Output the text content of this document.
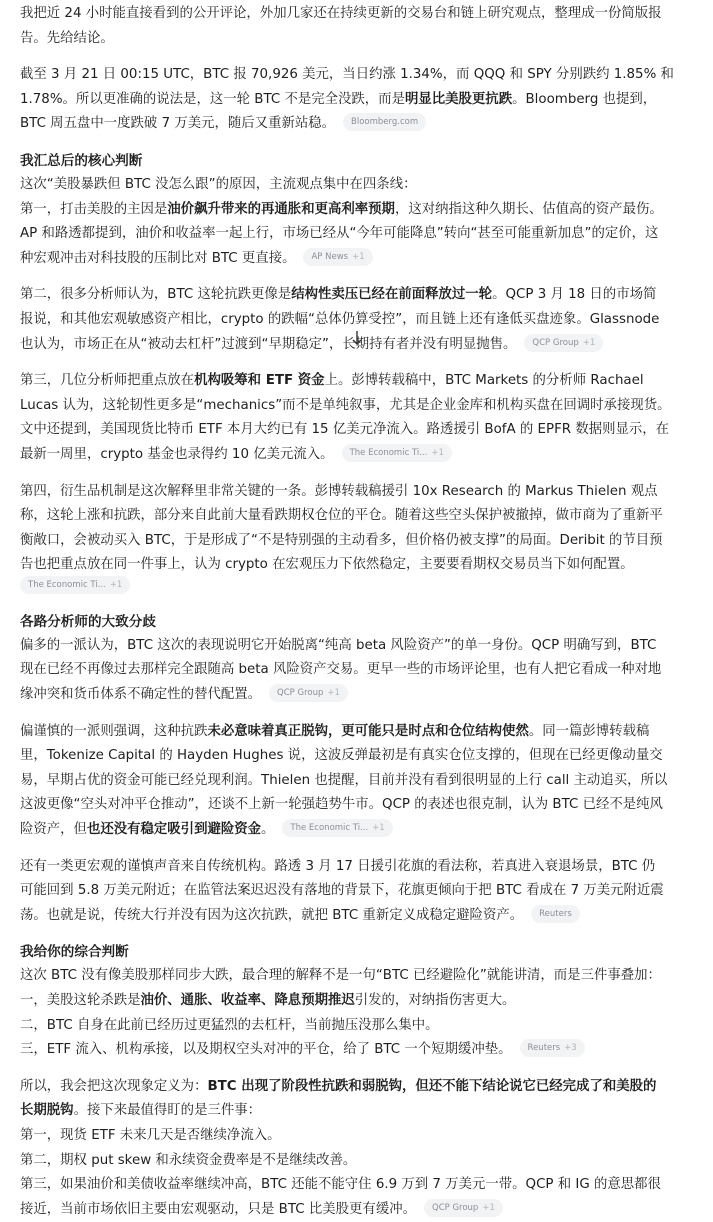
我把近 24 小时能直接看到的公开评论，外加几家还在持续更新的交易台和链上研究观点，整理成一份简版报
告。先给结论。

截至 3 月 21 日 00:15 UTC，BTC 报 70,926 美元，当日约涨 1.34%，而 QQQ 和 SPY 分别跌约 1.85% 和
1.78%。所以更准确的说法是，这一轮 BTC 不是完全没跌，而是明显比美股更抗跌。Bloomberg 也提到，
BTC 周五盘中一度跌破 7 万美元，随后又重新站稳。 Bloomberg.com

我汇总后的核心判断

这次“美股暴跌但 BTC 没怎么跟”的原因，主流观点集中在四条线：
第一，打击美股的主因是油价飙升带来的再通胀和更高利率预期，这对纳指这种久期长、估值高的资产最伤。
AP 和路透都提到，油价和收益率一起上行，市场已经从“今年可能降息”转向“甚至可能重新加息”的定价，这
种宏观冲击对科技股的压制比对 BTC 更直接。 AP News +1

第二，很多分析师认为，BTC 这轮抗跌更像是结构性卖压已经在前面释放过一轮。QCP 3 月 18 日的市场简
报说，和其他宏观敏感资产相比，crypto 的跌幅“总体仍算受控”，而且链上还有逢低买盘迹象。Glassnode
也认为，市场正在从“被动去杠杆”过渡到“早期稳定”，长期持有者并没有明显抛售。 QCP Group +1

第三，几位分析师把重点放在机构吸筹和 ETF 资金上。彭博转载稿中，BTC Markets 的分析师 Rachael
Lucas 认为，这轮韧性更多是“mechanics”而不是单纯叙事，尤其是企业金库和机构买盘在回调时承接现货。
文中还提到，美国现货比特币 ETF 本月大约已有 15 亿美元净流入。路透援引 BofA 的 EPFR 数据则显示，在
最新一周里，crypto 基金也录得约 10 亿美元流入。 The Economic Ti... +1

第四，衍生品机制是这次解释里非常关键的一条。彭博转载稿援引 10x Research 的 Markus Thielen 观点
称，这轮上涨和抗跌，部分来自此前大量看跌期权仓位的平仓。随着这些空头保护被撤掉，做市商为了重新平
衡敞口，会被动买入 BTC，于是形成了“不是特别强的主动看多，但价格仍被支撑”的局面。Deribit 的节目预
告也把重点放在同一件事上，认为 crypto 在宏观压力下依然稳定，主要要看期权交易员当下如何配置。
The Economic Ti... +1

各路分析师的大致分歧

偏多的一派认为，BTC 这次的表现说明它开始脱离“纯高 beta 风险资产”的单一身份。QCP 明确写到，BTC
现在已经不再像过去那样完全跟随高 beta 风险资产交易。更早一些的市场评论里，也有人把它看成一种对地
缘冲突和货币体系不确定性的替代配置。 QCP Group +1

偏谨慎的一派则强调，这种抗跌未必意味着真正脱钩，更可能只是时点和仓位结构使然。同一篇彭博转载稿
里，Tokenize Capital 的 Hayden Hughes 说，这波反弹最初是有真实仓位支撑的，但现在已经更像动量交
易，早期占优的资金可能已经兑现利润。Thielen 也提醒，目前并没有看到很明显的上行 call 主动追买，所以
这波更像“空头对冲平仓推动”，还谈不上新一轮强趋势牛市。QCP 的表述也很克制，认为 BTC 已经不是纯风
险资产，但也还没有稳定吸引到避险资金。 The Economic Ti... +1

还有一类更宏观的谨慎声音来自传统机构。路透 3 月 17 日援引花旗的看法称，若真进入衰退场景，BTC 仍
可能回到 5.8 万美元附近；在监管法案迟迟没有落地的背景下，花旗更倾向于把 BTC 看成在 7 万美元附近震
荡。也就是说，传统大行并没有因为这次抗跌，就把 BTC 重新定义成稳定避险资产。 Reuters

我给你的综合判断

这次 BTC 没有像美股那样同步大跌，最合理的解释不是一句“BTC 已经避险化”就能讲清，而是三件事叠加：
一，美股这轮杀跌是油价、通胀、收益率、降息预期推迟引发的，对纳指伤害更大。
二，BTC 自身在此前已经历过更猛烈的去杠杆，当前抛压没那么集中。
三，ETF 流入、机构承接，以及期权空头对冲的平仓，给了 BTC 一个短期缓冲垫。 Reuters +3

所以，我会把这次现象定义为：BTC 出现了阶段性抗跌和弱脱钩，但还不能下结论说它已经完成了和美股的
长期脱钩。接下来最值得盯的是三件事：
第一，现货 ETF 未来几天是否继续净流入。
第二，期权 put skew 和永续资金费率是不是继续改善。
第三，如果油价和美债收益率继续冲高，BTC 还能不能守住 6.9 万到 7 万美元一带。QCP 和 IG 的意思都很
接近，当前市场依旧主要由宏观驱动，只是 BTC 比美股更有缓冲。 QCP Group +1
